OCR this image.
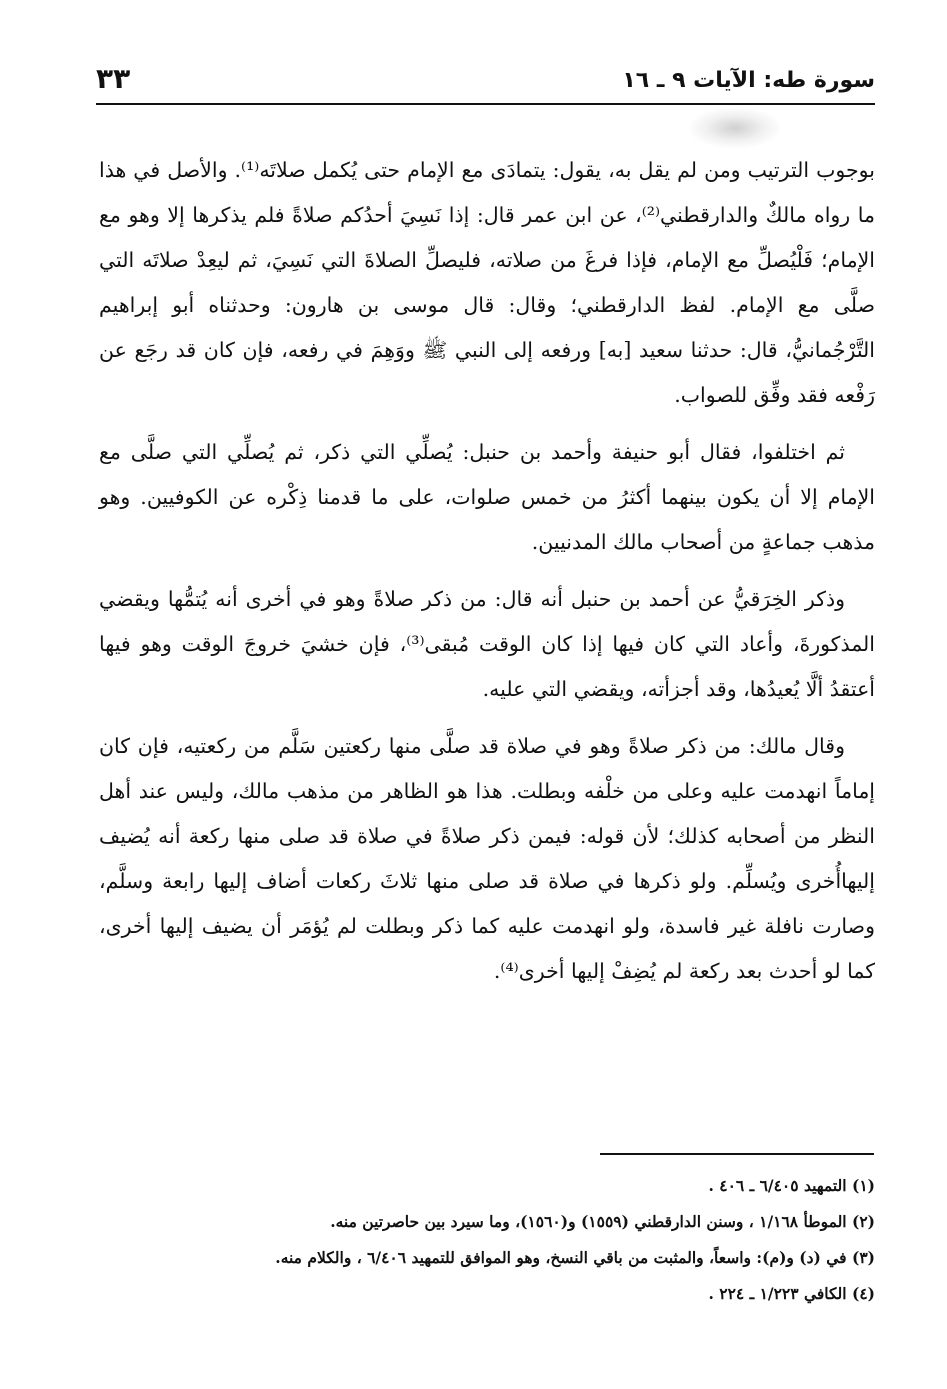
سورة طه: الآيات ٩ ـ ١٦
٣٣

بوجوب الترتيب ومن لم يقل به، يقول: يتمادَى مع الإمام حتى يُكمل صلاتَه⁽¹⁾. والأصل في هذا ما رواه مالكٌ والدارقطني⁽²⁾، عن ابن عمر قال: إذا نَسِيَ أحدُكم صلاةً فلم يذكرها إلا وهو مع الإمام؛ فَلْيُصلِّ مع الإمام، فإذا فرغَ من صلاته، فليصلِّ الصلاةَ التي نَسِيَ، ثم ليعِدْ صلاتَه التي صلَّى مع الإمام. لفظ الدارقطني؛ وقال: قال موسى بن هارون: وحدثناه أبو إبراهيم التَّرْجُمانيُّ، قال: حدثنا سعيد [به] ورفعه إلى النبي ﷺ ووَهِمَ في رفعه، فإن كان قد رجَع عن رَفْعه فقد وفِّق للصواب.

ثم اختلفوا، فقال أبو حنيفة وأحمد بن حنبل: يُصلِّي التي ذكر، ثم يُصلِّي التي صلَّى مع الإمام إلا أن يكون بينهما أكثرُ من خمس صلوات، على ما قدمنا ذِكْره عن الكوفيين. وهو مذهب جماعةٍ من أصحاب مالك المدنيين.

وذكر الخِرَقيُّ عن أحمد بن حنبل أنه قال: من ذكر صلاةً وهو في أخرى أنه يُتمُّها ويقضي المذكورةَ، وأعاد التي كان فيها إذا كان الوقت مُبقى⁽³⁾، فإن خشيَ خروجَ الوقت وهو فيها أعتقدُ ألَّا يُعيدُها، وقد أجزأته، ويقضي التي عليه.

وقال مالك: من ذكر صلاةً وهو في صلاة قد صلَّى منها ركعتين سَلَّم من ركعتيه، فإن كان إماماً انهدمت عليه وعلى من خلْفه وبطلت. هذا هو الظاهر من مذهب مالك، وليس عند أهل النظر من أصحابه كذلك؛ لأن قوله: فيمن ذكر صلاةً في صلاة قد صلى منها ركعة أنه يُضيف إليهاأُخرى ويُسلِّم. ولو ذكرها في صلاة قد صلى منها ثلاثَ ركعات أضاف إليها رابعة وسلَّم، وصارت نافلة غير فاسدة، ولو انهدمت عليه كما ذكر وبطلت لم يُؤمَر أن يضيف إليها أخرى، كما لو أحدث بعد ركعة لم يُضِفْ إليها أخرى⁽⁴⁾.

(١) التمهيد ٦/٤٠٥ ـ ٤٠٦ .
(٢) الموطأ ١/١٦٨ ، وسنن الدارقطني (١٥٥٩) و(١٥٦٠)، وما سيرد بين حاصرتين منه.
(٣) في (د) و(م): واسعاً، والمثبت من باقي النسخ، وهو الموافق للتمهيد ٦/٤٠٦ ، والكلام منه.
(٤) الكافي ١/٢٢٣ ـ ٢٢٤ .
